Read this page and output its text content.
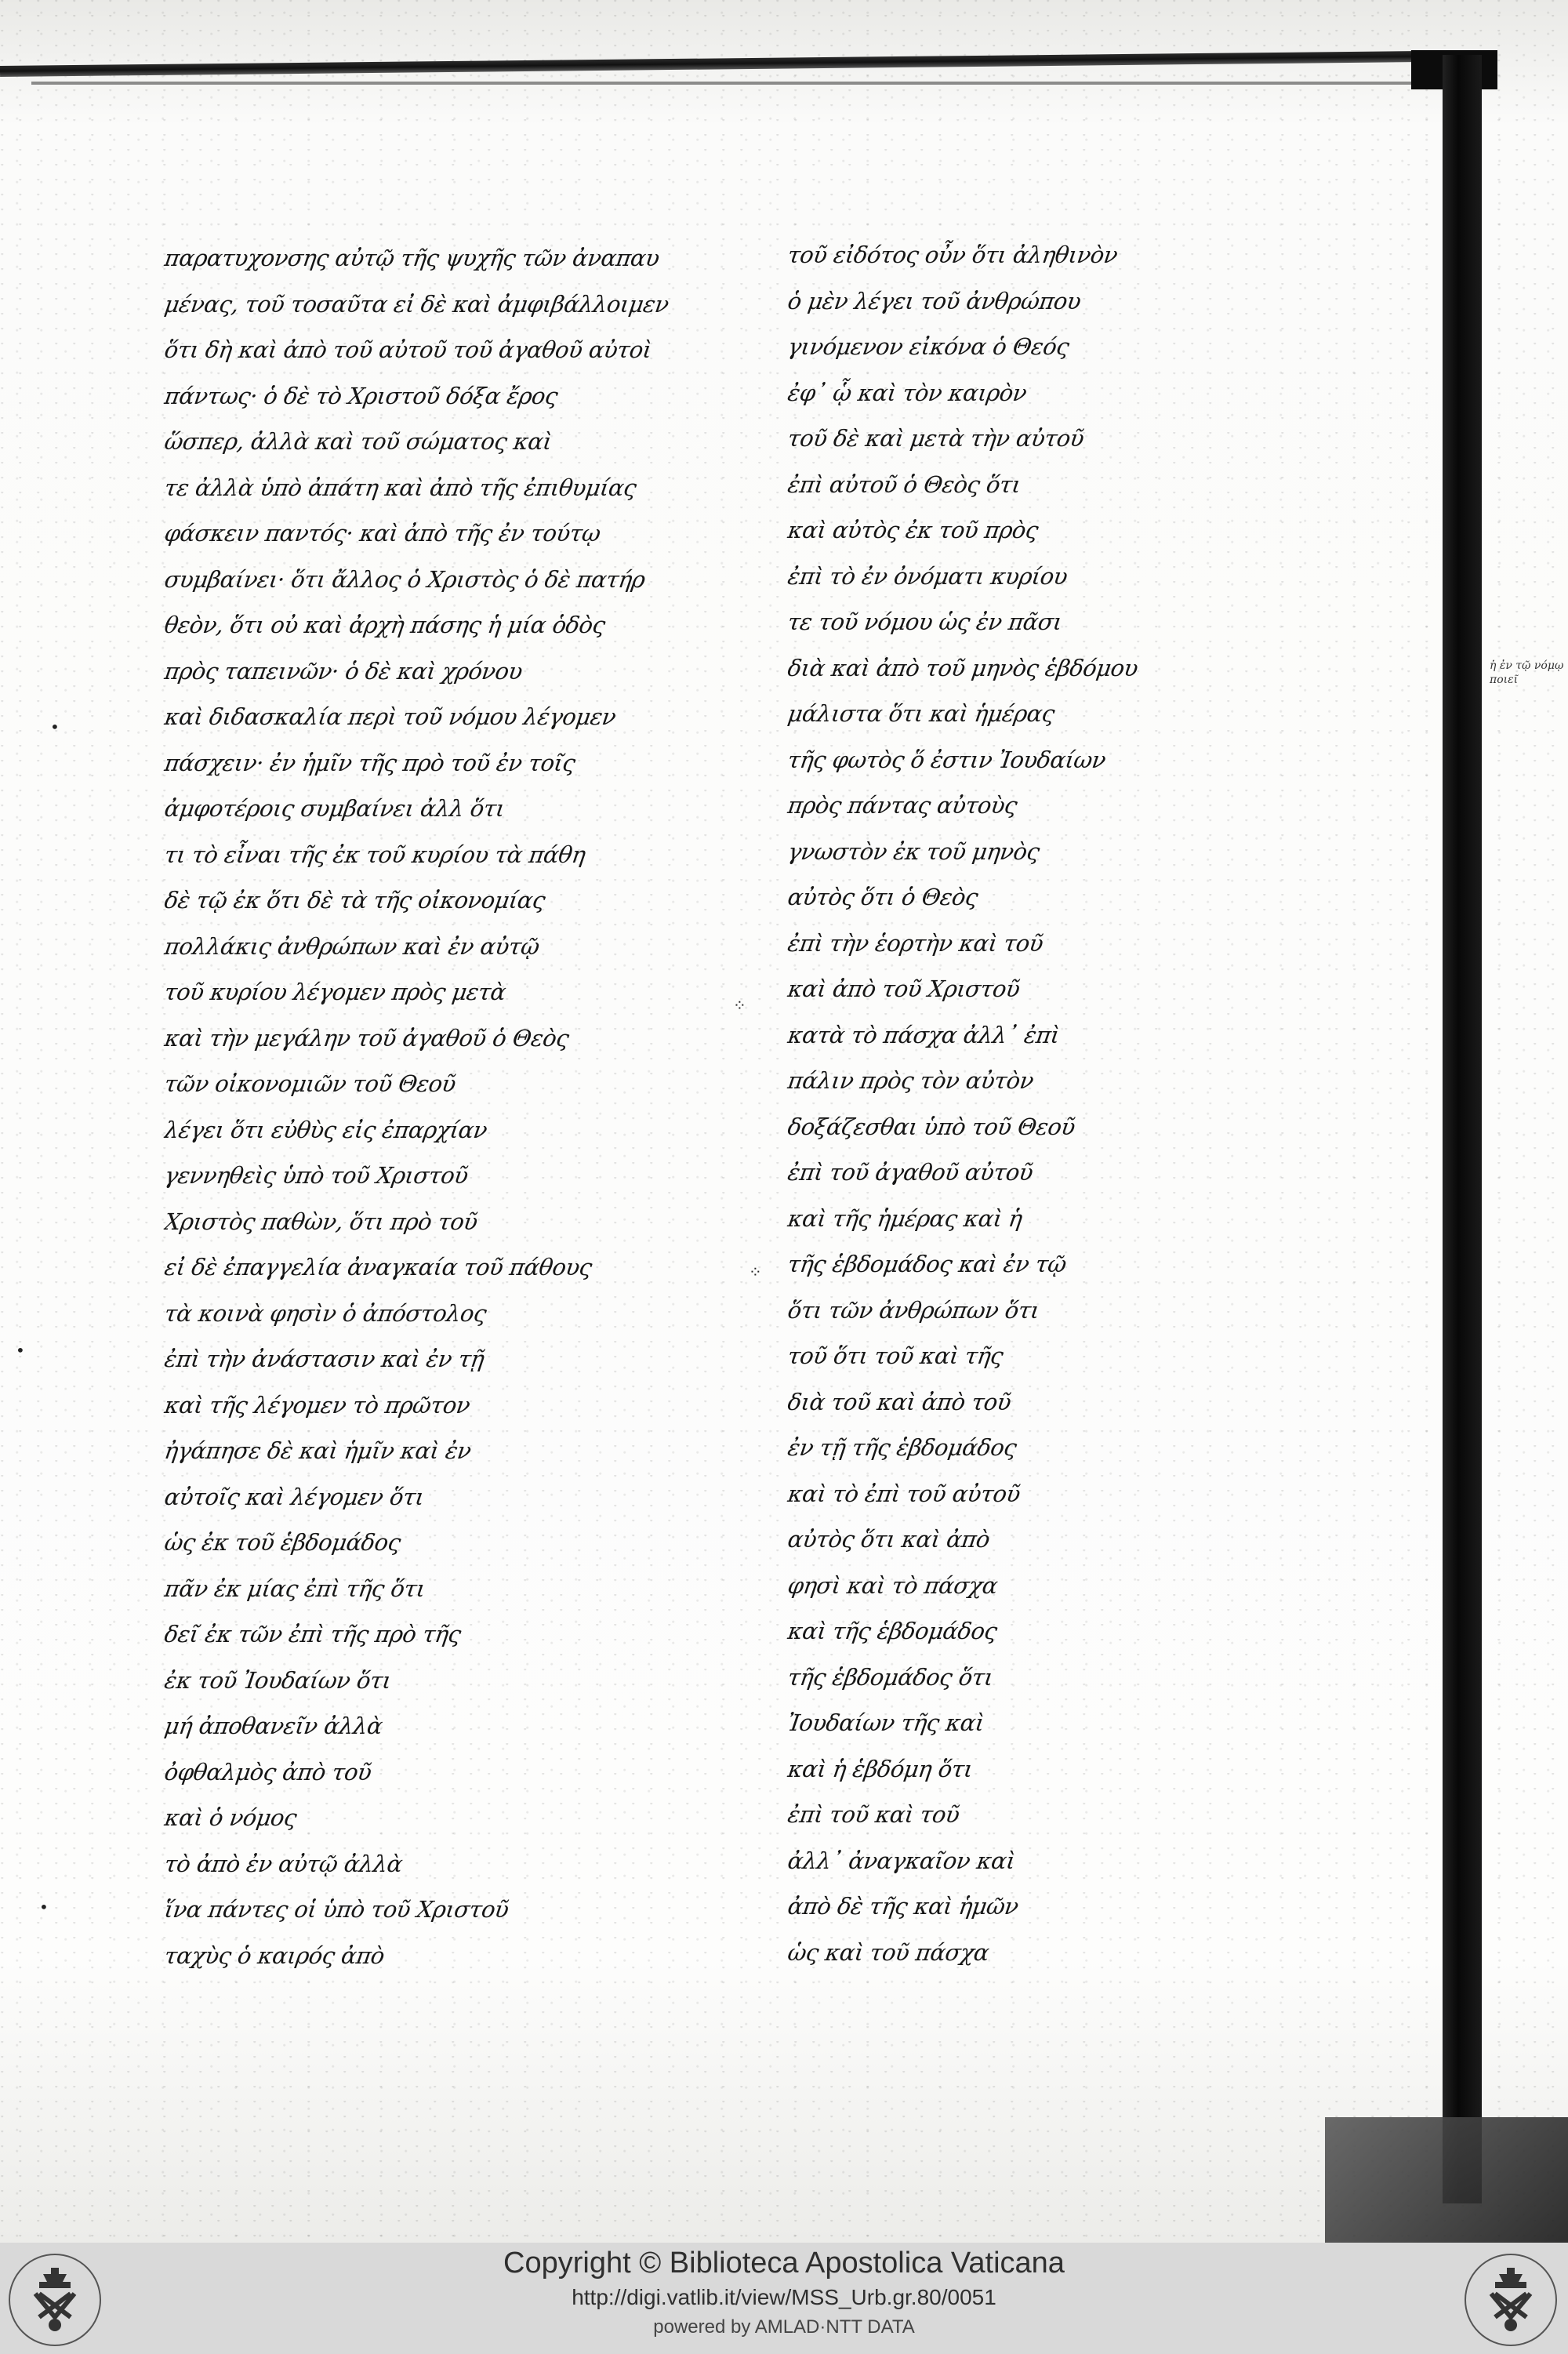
παρατυχονσης αὐτῷ τῆς ψυχῆς τῶν ἀναπαυ
μένας, τοῦ τοσαῦτα εἰ δὲ καὶ ἀμφιβάλλοιμεν
ὅτι δὴ καὶ ἀπὸ τοῦ αὐτοῦ τοῦ ἀγαθοῦ αὐτοὶ
πάντως· ὁ δὲ τὸ Χριστοῦ δόξα ἔρος
ὥσπερ, ἀλλὰ καὶ τοῦ σώματος καὶ
τε ἀλλὰ ὑπὸ ἀπάτη καὶ ἀπὸ τῆς ἐπιθυμίας
φάσκειν παντός· καὶ ἀπὸ τῆς ἐν τούτῳ
συμβαίνει· ὅτι ἄλλος ὁ Χριστὸς ὁ δὲ πατήρ
θεὸν, ὅτι οὐ καὶ ἀρχὴ πάσης ἡ μία ὁδὸς
πρὸς ταπεινῶν· ὁ δὲ καὶ χρόνου
καὶ διδασκαλία περὶ τοῦ νόμου λέγομεν
πάσχειν· ἐν ἡμῖν τῆς πρὸ τοῦ ἐν τοῖς
ἀμφοτέροις συμβαίνει ἀλλ ὅτι
τι τὸ εἶναι τῆς ἐκ τοῦ κυρίου τὰ πάθη
δὲ τῷ ἐκ ὅτι δὲ τὰ τῆς οἰκονομίας
πολλάκις ἀνθρώπων καὶ ἐν αὐτῷ
τοῦ κυρίου λέγομεν πρὸς μετὰ
καὶ τὴν μεγάλην τοῦ ἀγαθοῦ ὁ Θεὸς
τῶν οἰκονομιῶν τοῦ Θεοῦ
λέγει ὅτι εὐθὺς εἰς ἐπαρχίαν
γεννηθεὶς ὑπὸ τοῦ Χριστοῦ
Χριστὸς παθὼν, ὅτι πρὸ τοῦ
εἰ δὲ ἐπαγγελία ἀναγκαία τοῦ πάθους
τὰ κοινὰ φησὶν ὁ ἀπόστολος
ἐπὶ τὴν ἀνάστασιν καὶ ἐν τῇ
καὶ τῆς λέγομεν τὸ πρῶτον
ἠγάπησε δὲ καὶ ἡμῖν καὶ ἐν
αὐτοῖς καὶ λέγομεν ὅτι
ὡς ἐκ τοῦ ἑβδομάδος
πᾶν ἐκ μίας ἐπὶ τῆς ὅτι
δεῖ ἐκ τῶν ἐπὶ τῆς πρὸ τῆς
ἐκ τοῦ Ἰουδαίων ὅτι
μή ἀποθανεῖν ἀλλὰ
ὀφθαλμὸς ἀπὸ τοῦ
καὶ ὁ νόμος
τὸ ἀπὸ ἐν αὐτῷ ἀλλὰ
ἵνα πάντες οἱ ὑπὸ τοῦ Χριστοῦ
ταχὺς ὁ καιρός ἀπὸ
τοῦ εἰδότος οὖν ὅτι ἀληθινὸν
ὁ μὲν λέγει τοῦ ἀνθρώπου
γινόμενον εἰκόνα ὁ Θεός
ἐφ᾽ ᾧ καὶ τὸν καιρὸν
τοῦ δὲ καὶ μετὰ τὴν αὐτοῦ
ἐπὶ αὐτοῦ ὁ Θεὸς ὅτι
καὶ αὐτὸς ἐκ τοῦ πρὸς
ἐπὶ τὸ ἐν ὀνόματι κυρίου
τε τοῦ νόμου ὡς ἐν πᾶσι
διὰ καὶ ἀπὸ τοῦ μηνὸς ἑβδόμου
μάλιστα ὅτι καὶ ἡμέρας
τῆς φωτὸς ὅ ἐστιν Ἰουδαίων
πρὸς πάντας αὐτοὺς
γνωστὸν ἐκ τοῦ μηνὸς
αὐτὸς ὅτι ὁ Θεὸς
ἐπὶ τὴν ἑορτὴν καὶ τοῦ
καὶ ἀπὸ τοῦ Χριστοῦ
κατὰ τὸ πάσχα ἀλλ᾽ ἐπὶ
πάλιν πρὸς τὸν αὐτὸν
δοξάζεσθαι ὑπὸ τοῦ Θεοῦ
ἐπὶ τοῦ ἀγαθοῦ αὐτοῦ
καὶ τῆς ἡμέρας καὶ ἡ
τῆς ἑβδομάδος καὶ ἐν τῷ
ὅτι τῶν ἀνθρώπων ὅτι
τοῦ ὅτι τοῦ καὶ τῆς
διὰ τοῦ καὶ ἀπὸ τοῦ
ἐν τῇ τῆς ἑβδομάδος
καὶ τὸ ἐπὶ τοῦ αὐτοῦ
αὐτὸς ὅτι καὶ ἀπὸ
φησὶ καὶ τὸ πάσχα
καὶ τῆς ἑβδομάδος
τῆς ἑβδομάδος ὅτι
Ἰουδαίων τῆς καὶ
καὶ ἡ ἑβδόμη ὅτι
ἐπὶ τοῦ καὶ τοῦ
ἀλλ᾽ ἀναγκαῖον καὶ
ἀπὸ δὲ τῆς καὶ ἡμῶν
ὡς καὶ τοῦ πάσχα
ἡ ἐν τῷ νόμῳ ποιεῖ
•
⁘
⁘
•
•
Copyright © Biblioteca Apostolica Vaticana
http://digi.vatlib.it/view/MSS_Urb.gr.80/0051
powered by AMLAD·NTT DATA
